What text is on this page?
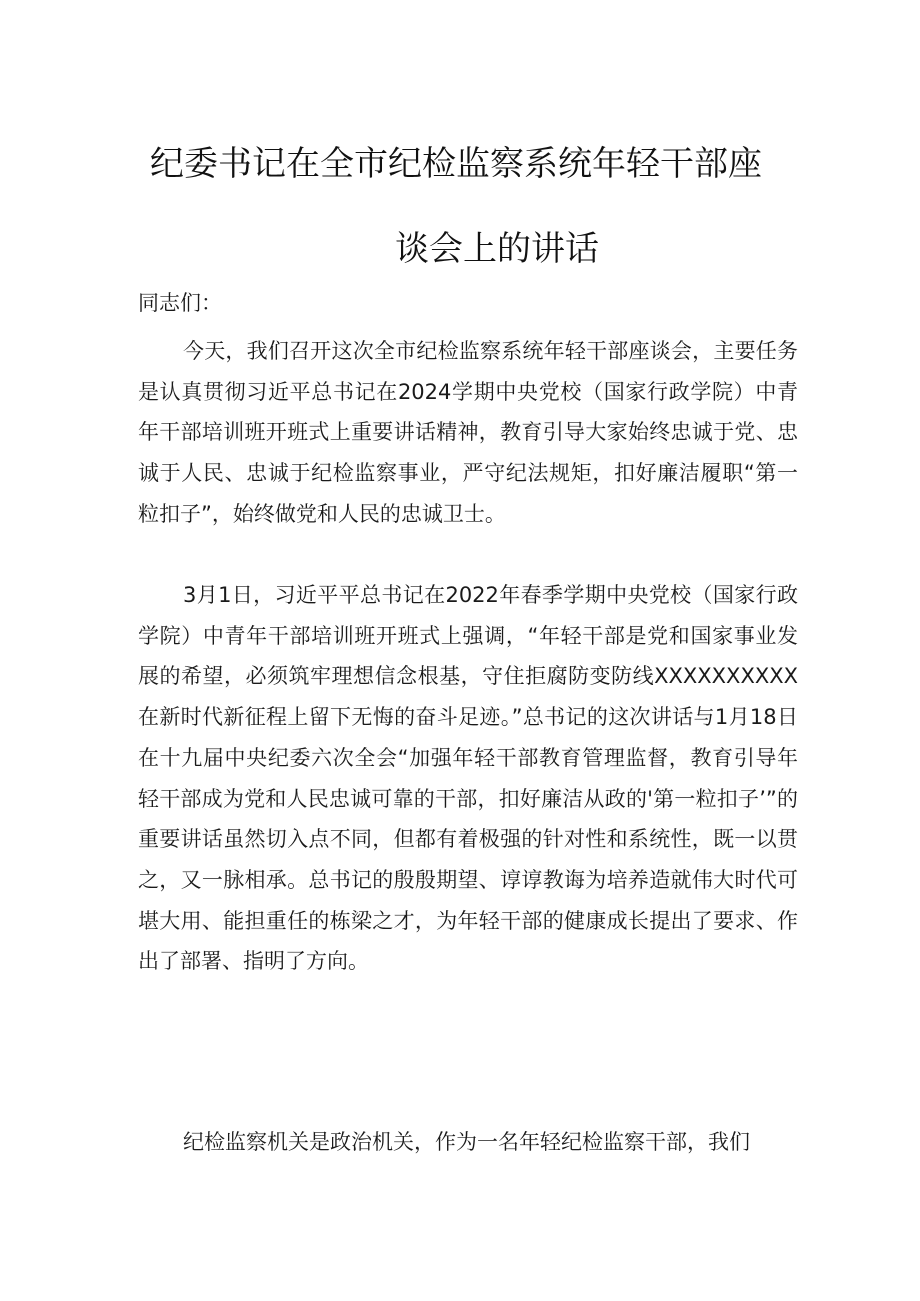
纪委书记在全市纪检监察系统年轻干部座
谈会上的讲话

同志们：

今天，我们召开这次全市纪检监察系统年轻干部座谈会，主要任务是认真贯彻习近平总书记在2024学期中央党校（国家行政学院）中青年干部培训班开班式上重要讲话精神，教育引导大家始终忠诚于党、忠诚于人民、忠诚于纪检监察事业，严守纪法规矩，扣好廉洁履职“第一粒扣子”，始终做党和人民的忠诚卫士。

3月1日，习近平平总书记在2022年春季学期中央党校（国家行政学院）中青年干部培训班开班式上强调，“年轻干部是党和国家事业发展的希望，必须筑牢理想信念根基，守住拒腐防变防线XXXXXXXXXX在新时代新征程上留下无悔的奋斗足迹。”总书记的这次讲话与1月18日在十九届中央纪委六次全会“加强年轻干部教育管理监督，教育引导年轻干部成为党和人民忠诚可靠的干部，扣好廉洁从政的'第一粒扣子’”的重要讲话虽然切入点不同，但都有着极强的针对性和系统性，既一以贯之，又一脉相承。总书记的殷殷期望、谆谆教诲为培养造就伟大时代可堪大用、能担重任的栋梁之才，为年轻干部的健康成长提出了要求、作出了部署、指明了方向。

纪检监察机关是政治机关，作为一名年轻纪检监察干部，我们
